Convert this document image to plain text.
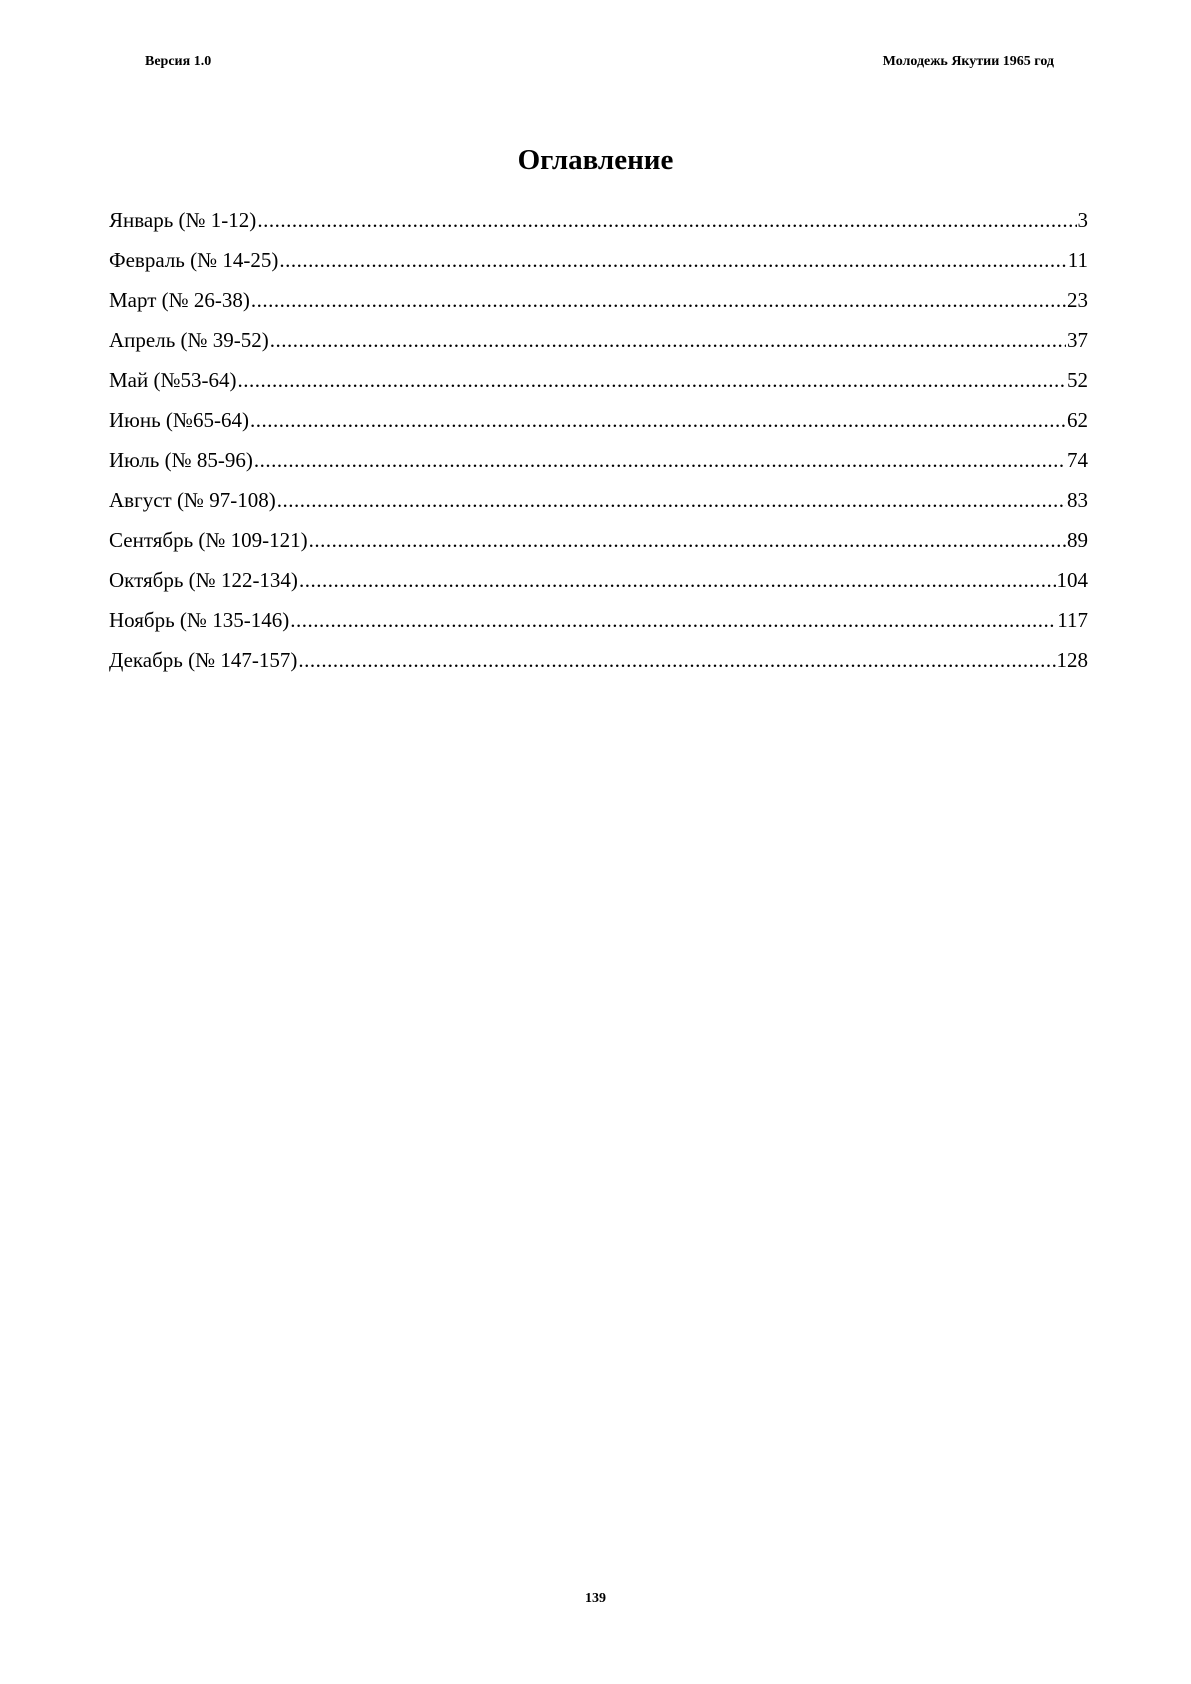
Версия 1.0	Молодежь Якутии 1965 год
Оглавление
Январь (№ 1-12) .....	3
Февраль (№ 14-25) .....	11
Март (№ 26-38) .....	23
Апрель (№ 39-52) .....	37
Май (№53-64) .....	52
Июнь (№65-64) .....	62
Июль (№ 85-96) .....	74
Август (№ 97-108) .....	83
Сентябрь (№ 109-121) .....	89
Октябрь (№ 122-134) .....	104
Ноябрь (№ 135-146) .....	117
Декабрь (№ 147-157) .....	128
139
